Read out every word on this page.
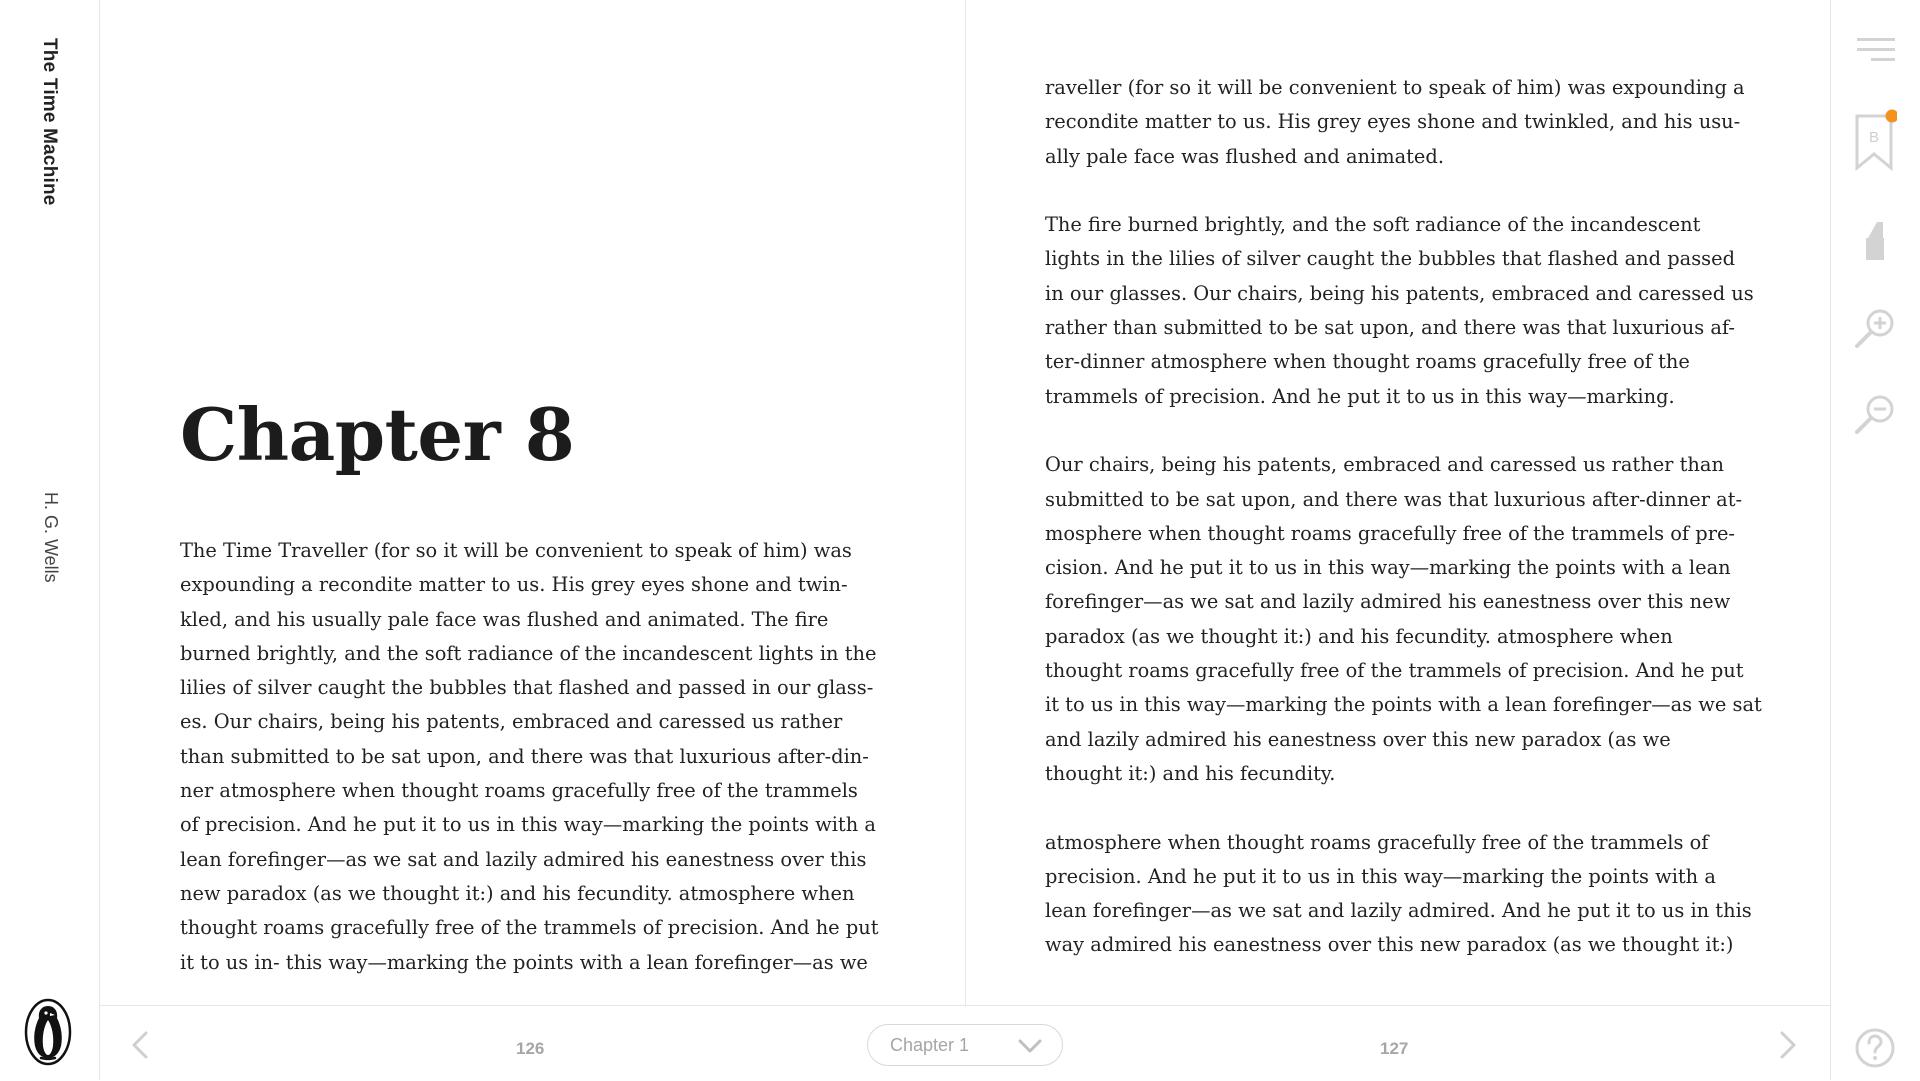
The Time Machine
H. G. Wells
Chapter 8
The Time Traveller (for so it will be convenient to speak of him) was
expounding a recondite matter to us. His grey eyes shone and twin-
kled, and his usually pale face was flushed and animated. The fire
burned brightly, and the soft radiance of the incandescent lights in the
lilies of silver caught the bubbles that flashed and passed in our glass-
es. Our chairs, being his patents, embraced and caressed us rather
than submitted to be sat upon, and there was that luxurious after-din-
ner atmosphere when thought roams gracefully free of the trammels
of precision. And he put it to us in this way—marking the points with a
lean forefinger—as we sat and lazily admired his eanestness over this
new paradox (as we thought it:) and his fecundity. atmosphere when
thought roams gracefully free of the trammels of precision. And he put
it to us in- this way—marking the points with a lean forefinger—as we
raveller (for so it will be convenient to speak of him) was expounding a
recondite matter to us. His grey eyes shone and twinkled, and his usu-
ally pale face was flushed and animated.
The fire burned brightly, and the soft radiance of the incandescent
lights in the lilies of silver caught the bubbles that flashed and passed
in our glasses. Our chairs, being his patents, embraced and caressed us
rather than submitted to be sat upon, and there was that luxurious af-
ter-dinner atmosphere when thought roams gracefully free of the
trammels of precision. And he put it to us in this way—marking.
Our chairs, being his patents, embraced and caressed us rather than
submitted to be sat upon, and there was that luxurious after-dinner at-
mosphere when thought roams gracefully free of the trammels of pre-
cision. And he put it to us in this way—marking the points with a lean
forefinger—as we sat and lazily admired his eanestness over this new
paradox (as we thought it:) and his fecundity. atmosphere when
thought roams gracefully free of the trammels of precision. And he put
it to us in this way—marking the points with a lean forefinger—as we sat
and lazily admired his eanestness over this new paradox (as we
thought it:) and his fecundity.
atmosphere when thought roams gracefully free of the trammels of
precision. And he put it to us in this way—marking the points with a
lean forefinger—as we sat and lazily admired. And he put it to us in this
way admired his eanestness over this new paradox (as we thought it:)
B
126	Chapter 1	127
